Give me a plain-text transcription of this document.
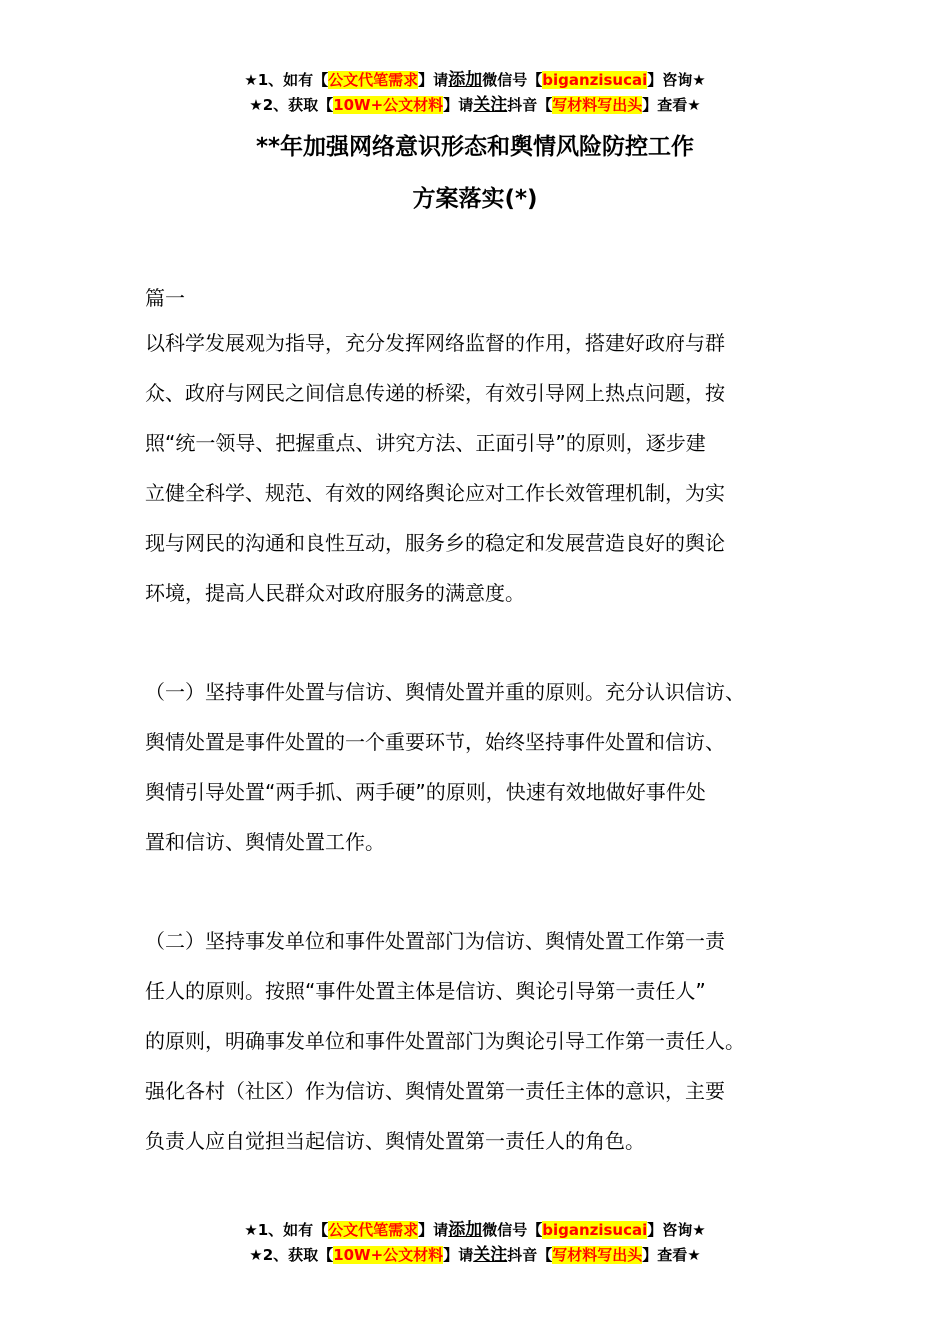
★1、如有【公文代笔需求】请添加微信号【biganzisucai】咨询★
★2、获取【10W+公文材料】请关注抖音【写材料写出头】查看★
**年加强网络意识形态和舆情风险防控工作
方案落实(*)
篇一
以科学发展观为指导，充分发挥网络监督的作用，搭建好政府与群
众、政府与网民之间信息传递的桥梁，有效引导网上热点问题，按
照“统一领导、把握重点、讲究方法、正面引导”的原则，逐步建
立健全科学、规范、有效的网络舆论应对工作长效管理机制，为实
现与网民的沟通和良性互动，服务乡的稳定和发展营造良好的舆论
环境，提高人民群众对政府服务的满意度。
（一）坚持事件处置与信访、舆情处置并重的原则。充分认识信访、
舆情处置是事件处置的一个重要环节，始终坚持事件处置和信访、
舆情引导处置“两手抓、两手硬”的原则，快速有效地做好事件处
置和信访、舆情处置工作。
（二）坚持事发单位和事件处置部门为信访、舆情处置工作第一责
任人的原则。按照“事件处置主体是信访、舆论引导第一责任人”
的原则，明确事发单位和事件处置部门为舆论引导工作第一责任人。
强化各村（社区）作为信访、舆情处置第一责任主体的意识，主要
负责人应自觉担当起信访、舆情处置第一责任人的角色。
★1、如有【公文代笔需求】请添加微信号【biganzisucai】咨询★
★2、获取【10W+公文材料】请关注抖音【写材料写出头】查看★
